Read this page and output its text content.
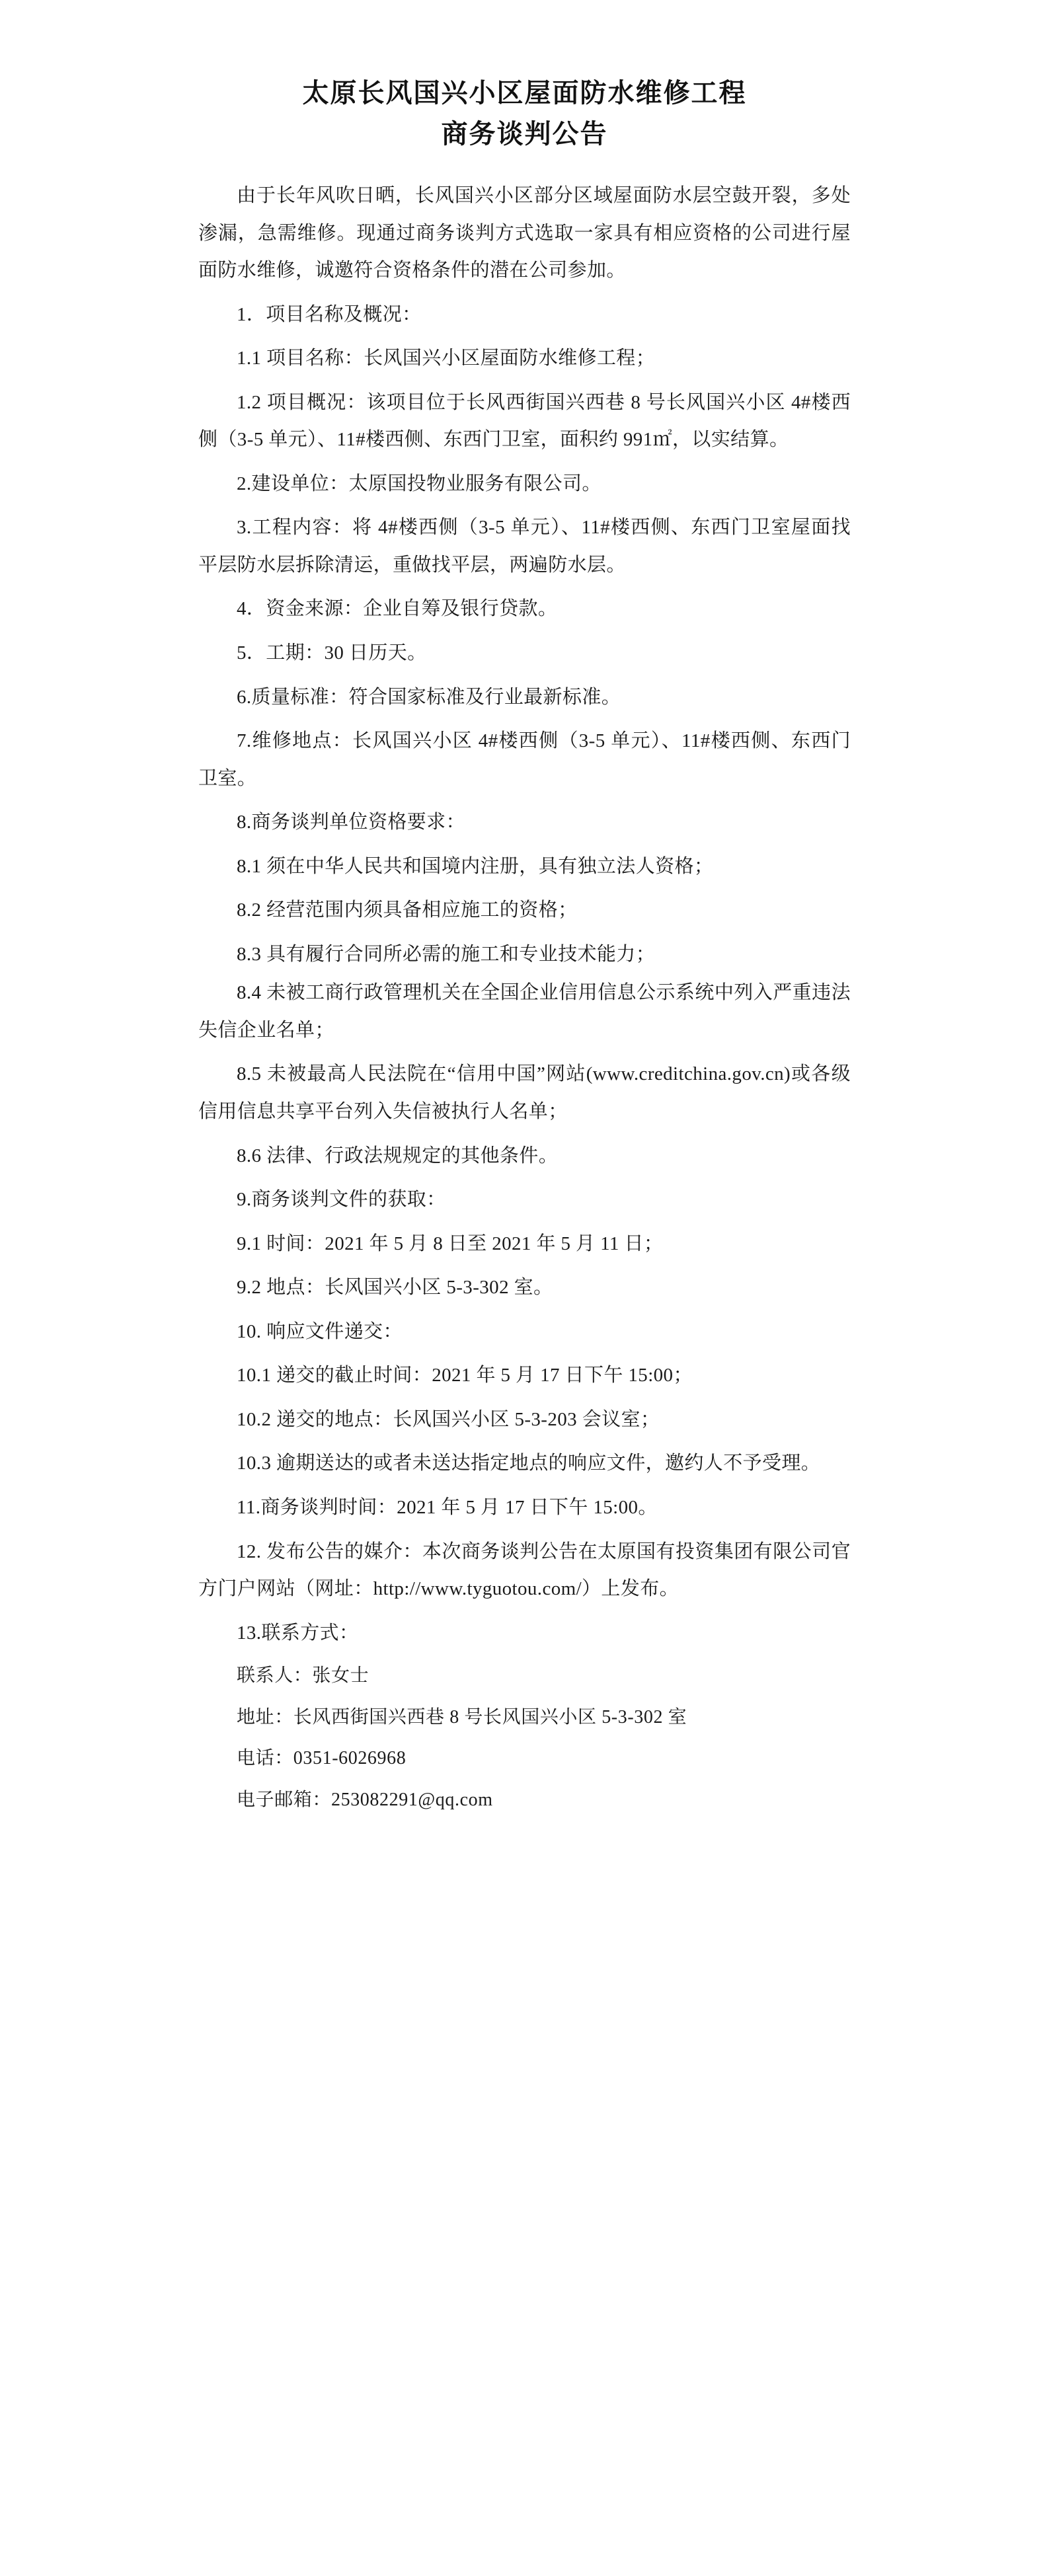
太原长风国兴小区屋面防水维修工程
商务谈判公告

由于长年风吹日晒，长风国兴小区部分区域屋面防水层空鼓开裂，多处渗漏，急需维修。现通过商务谈判方式选取一家具有相应资格的公司进行屋面防水维修，诚邀符合资格条件的潜在公司参加。

1．项目名称及概况：

1.1 项目名称：长风国兴小区屋面防水维修工程；

1.2 项目概况：该项目位于长风西街国兴西巷 8 号长风国兴小区 4#楼西侧（3-5 单元）、11#楼西侧、东西门卫室，面积约 991㎡，以实结算。

2.建设单位：太原国投物业服务有限公司。

3.工程内容：将 4#楼西侧（3-5 单元）、11#楼西侧、东西门卫室屋面找平层防水层拆除清运，重做找平层，两遍防水层。

4．资金来源：企业自筹及银行贷款。

5．工期：30 日历天。

6.质量标准：符合国家标准及行业最新标准。

7.维修地点：长风国兴小区 4#楼西侧（3-5 单元）、11#楼西侧、东西门卫室。

8.商务谈判单位资格要求：

8.1 须在中华人民共和国境内注册，具有独立法人资格；

8.2 经营范围内须具备相应施工的资格；

8.3 具有履行合同所必需的施工和专业技术能力；

8.4 未被工商行政管理机关在全国企业信用信息公示系统中列入严重违法失信企业名单；

8.5 未被最高人民法院在“信用中国”网站(www.creditchina.gov.cn)或各级信用信息共享平台列入失信被执行人名单；

8.6 法律、行政法规规定的其他条件。

9.商务谈判文件的获取：

9.1 时间：2021 年 5 月 8 日至 2021 年 5 月 11 日；

9.2 地点：长风国兴小区 5-3-302 室。

10. 响应文件递交：

10.1 递交的截止时间：2021 年 5 月 17 日下午 15:00；

10.2 递交的地点：长风国兴小区 5-3-203 会议室；

10.3 逾期送达的或者未送达指定地点的响应文件，邀约人不予受理。

11.商务谈判时间：2021 年 5 月 17 日下午 15:00。

12. 发布公告的媒介：本次商务谈判公告在太原国有投资集团有限公司官方门户网站（网址：http://www.tyguotou.com/）上发布。

13.联系方式：

联系人：张女士

地址：长风西街国兴西巷 8 号长风国兴小区 5-3-302 室

电话：0351-6026968

电子邮箱：253082291@qq.com
